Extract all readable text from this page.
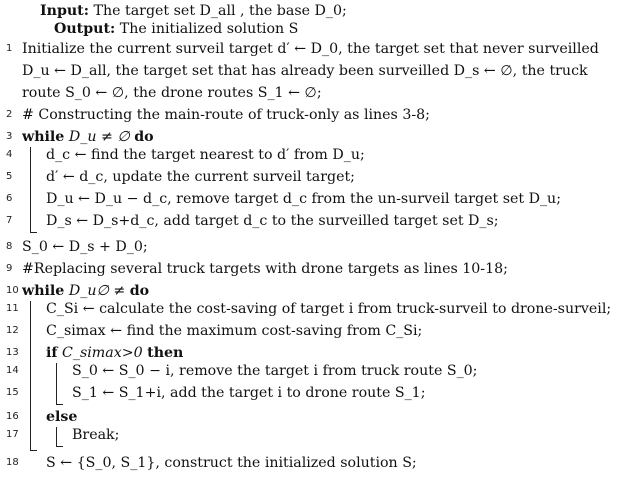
Input: The target set D_all , the base D_0;
Output: The initialized solution S
1 Initialize the current surveil target d′ ← D_0, the target set that never surveilled D_u ← D_all, the target set that has already been surveilled D_s ← ∅, the truck route S_0 ← ∅, the drone routes S_1 ← ∅;
2 # Constructing the main-route of truck-only as lines 3-8;
3 while D_u ≠ ∅ do
4 d_c ← find the target nearest to d′ from D_u;
5 d′ ← d_c, update the current surveil target;
6 D_u ← D_u − d_c, remove target d_c from the un-surveil target set D_u;
7 D_s ← D_s+d_c, add target d_c to the surveilled target set D_s;
8 S_0 ← D_s + D_0;
9 #Replacing several truck targets with drone targets as lines 10-18;
10 while D_u∅ ≠ do
11 C_Si ← calculate the cost-saving of target i from truck-surveil to drone-surveil;
12 C_simax ← find the maximum cost-saving from C_Si;
13 if C_simax>0 then
14	S_0 ← S_0 − i, remove the target i from truck route S_0;
15	S_1 ← S_1+i, add the target i to drone route S_1;
16 else
17	Break;
18 S ← {S_0, S_1}, construct the initialized solution S;
